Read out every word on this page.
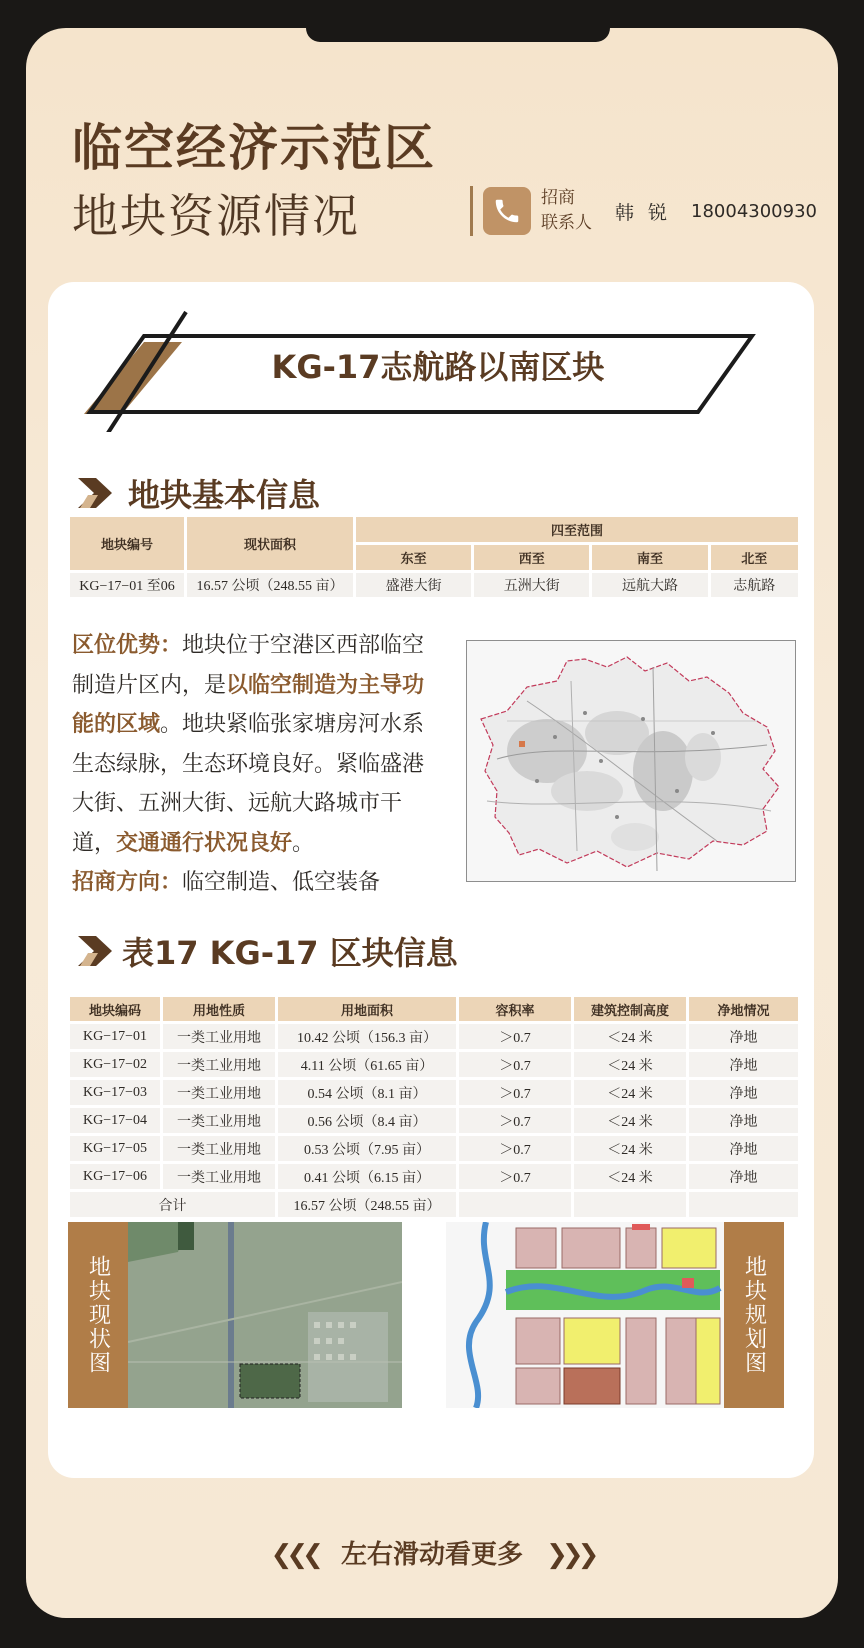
临空经济示范区
地块资源情况	招商
联系人	韩锐 18004300930
KG-17志航路以南区块
地块基本信息
地块编号	现状面积	四至范围			
		东至	西至	南至	北至
KG−17−01 至06	16.57 公顷（248.55 亩）	盛港大街	五洲大街	远航大路	志航路
区位优势：地块位于空港区西部临空制造片区内，是以临空制造为主导功能的区域。地块紧临张家塘房河水系生态绿脉，生态环境良好。紧临盛港大街、五洲大街、远航大路城市干道，交通通行状况良好。
招商方向：临空制造、低空装备
表17 KG-17 区块信息
地块编码	用地性质	用地面积	容积率	建筑控制高度	净地情况
KG−17−01	一类工业用地	10.42 公顷（156.3 亩）	＞0.7	＜24 米	净地
KG−17−02	一类工业用地	4.11 公顷（61.65 亩）	＞0.7	＜24 米	净地
KG−17−03	一类工业用地	0.54 公顷（8.1 亩）	＞0.7	＜24 米	净地
KG−17−04	一类工业用地	0.56 公顷（8.4 亩）	＞0.7	＜24 米	净地
KG−17−05	一类工业用地	0.53 公顷（7.95 亩）	＞0.7	＜24 米	净地
KG−17−06	一类工业用地	0.41 公顷（6.15 亩）	＞0.7	＜24 米	净地
合计		16.57 公顷（248.55 亩）			
地块现状图	地块规划图
❮❮❮ 左右滑动看更多 ❯❯❯
